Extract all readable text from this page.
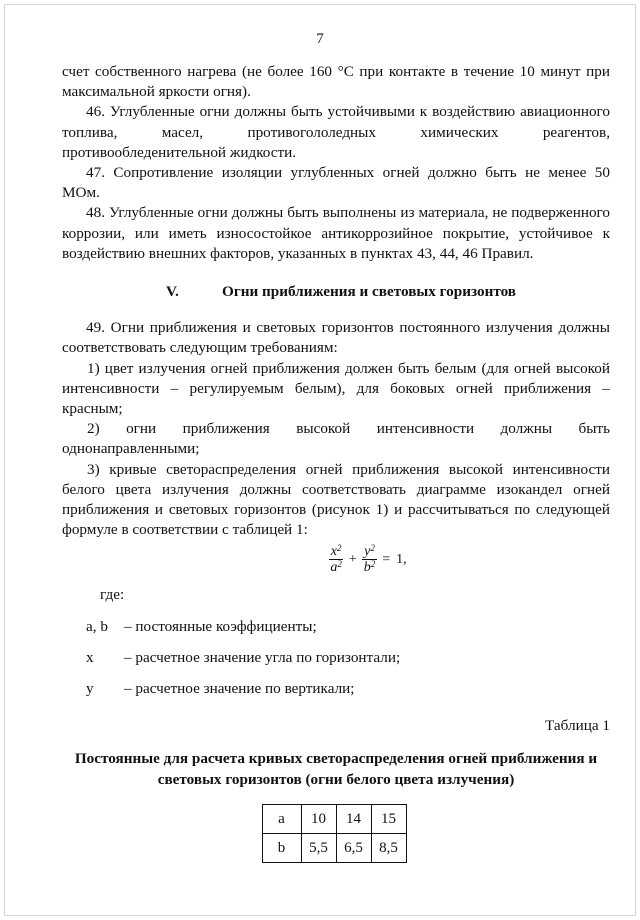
7

счет собственного нагрева (не более 160 °С при контакте в течение 10 минут при максимальной яркости огня).

46. Углубленные огни должны быть устойчивыми к воздействию авиационного топлива, масел, противогололедных химических реагентов, противообледенительной жидкости.

47. Сопротивление изоляции углубленных огней должно быть не менее 50 МОм.

48. Углубленные огни должны быть выполнены из материала, не подверженного коррозии, или иметь износостойкое антикоррозийное покрытие, устойчивое к воздействию внешних факторов, указанных в пунктах 43, 44, 46 Правил.

V.	Огни приближения и световых горизонтов

49. Огни приближения и световых горизонтов постоянного излучения должны соответствовать следующим требованиям:

1) цвет излучения огней приближения должен быть белым (для огней высокой интенсивности – регулируемым белым), для боковых огней приближения – красным;

2) огни приближения высокой интенсивности должны быть однонаправленными;

3) кривые светораспределения огней приближения высокой интенсивности белого цвета излучения должны соответствовать диаграмме изокандел огней приближения и световых горизонтов (рисунок 1) и рассчитываться по следующей формуле в соответствии с таблицей 1:

$\frac{x^2}{a^2} + \frac{y^2}{b^2} = 1$,

где:

a, b	– постоянные коэффициенты;

x	– расчетное значение угла по горизонтали;

y	– расчетное значение по вертикали;

Таблица 1

Постоянные для расчета кривых светораспределения огней приближения и световых горизонтов (огни белого цвета излучения)

a	10	14	15
b	5,5	6,5	8,5
